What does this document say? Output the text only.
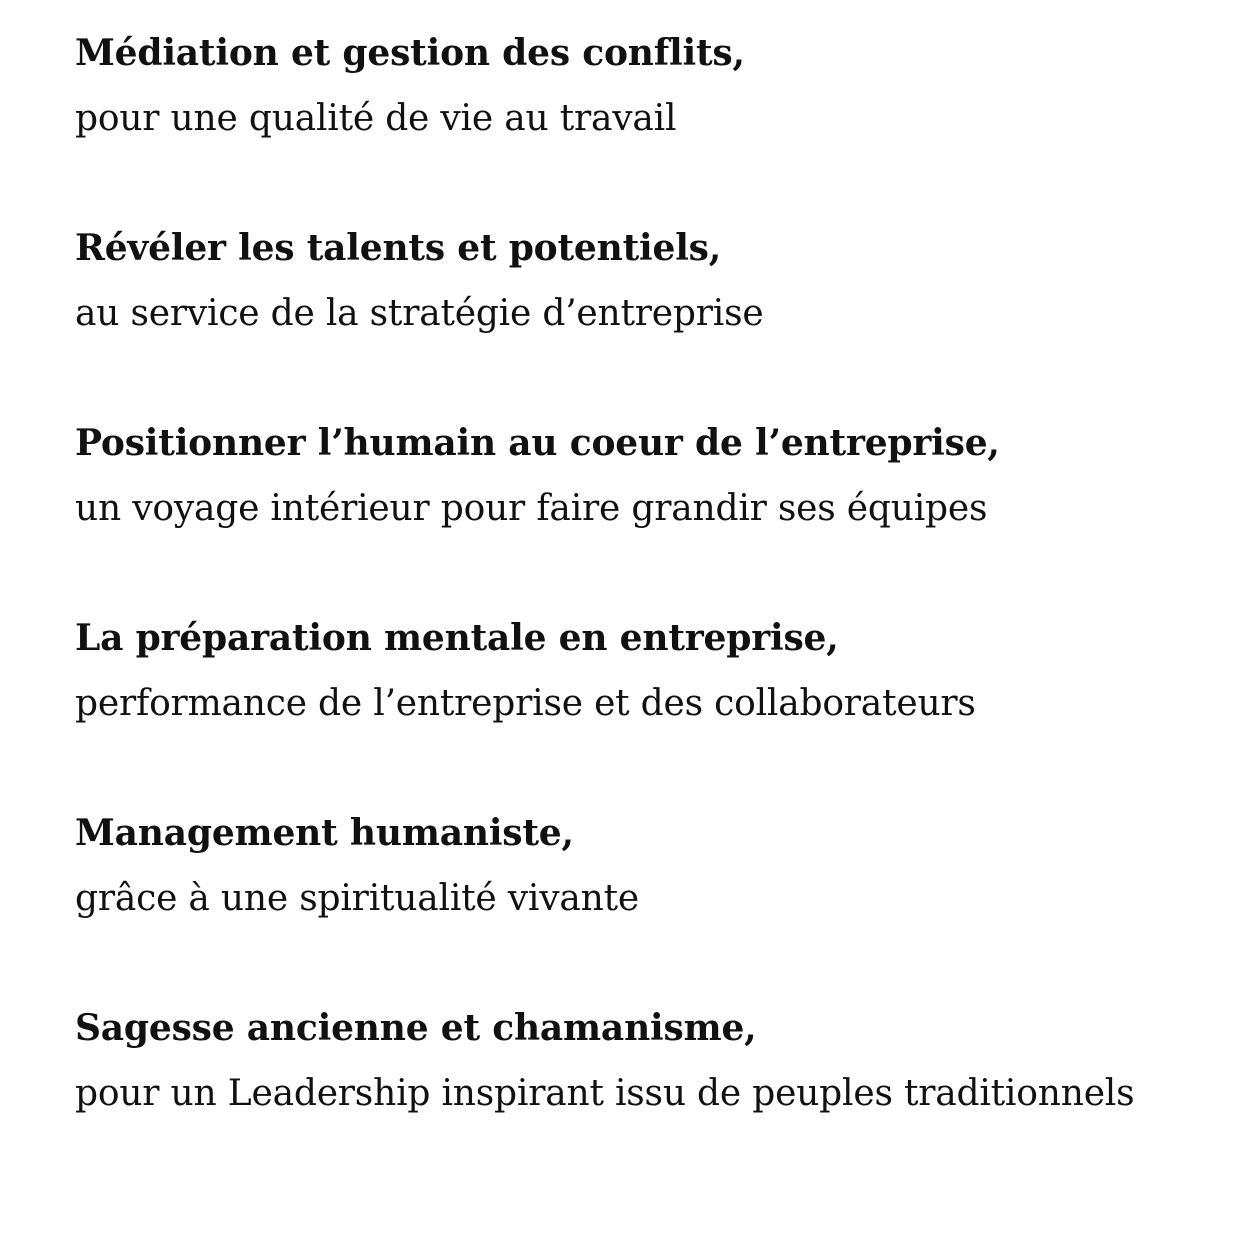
Médiation et gestion des conflits,
pour une qualité de vie au travail
Révéler les talents et potentiels,
au service de la stratégie d’entreprise
Positionner l’humain au coeur de l’entreprise,
un voyage intérieur pour faire grandir ses équipes
La préparation mentale en entreprise,
performance de l’entreprise et des collaborateurs
Management humaniste,
grâce à une spiritualité vivante
Sagesse ancienne et chamanisme,
pour un Leadership inspirant issu de peuples traditionnels
